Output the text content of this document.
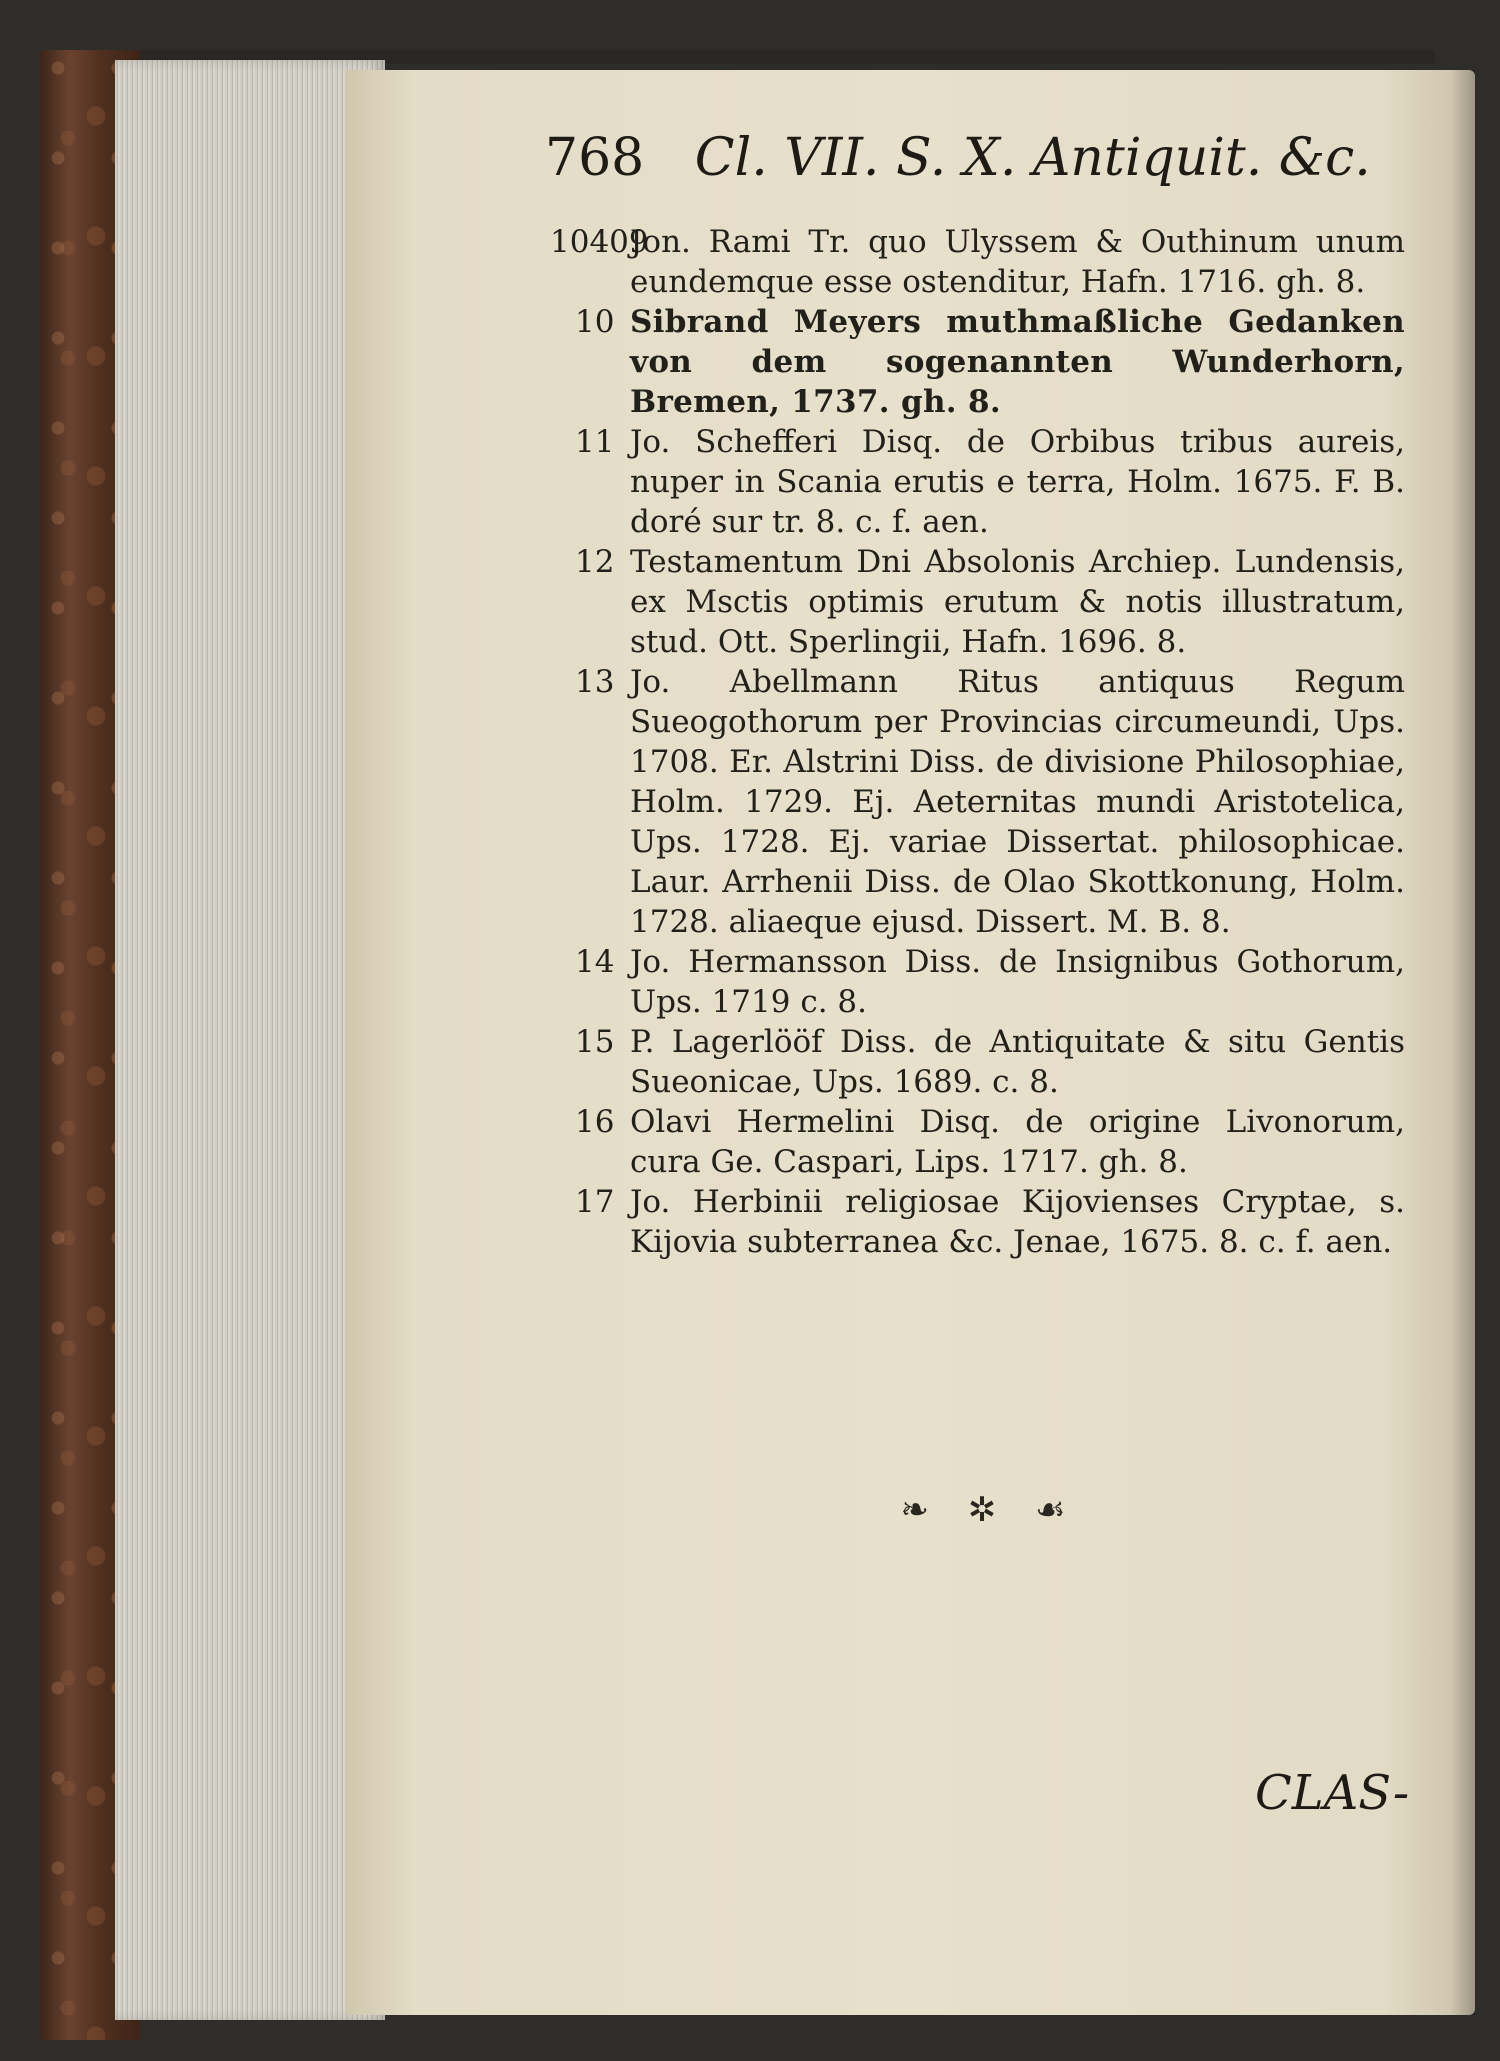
768 Cl. VII. S. X. Antiquit. &c.

10409Jon. Rami Tr. quo Ulyssem & Outhinum unum eundemque esse ostenditur, Hafn. 1716. gh. 8.

10 Sibrand Meyers muthmaßliche Gedanken von dem sogenannten Wunderhorn, Bremen, 1737. gh. 8.

11 Jo. Schefferi Disq. de Orbibus tribus aureis, nuper in Scania erutis e terra, Holm. 1675. F. B. doré sur tr. 8. c. f. aen.

12 Testamentum Dni Absolonis Archiep. Lundensis, ex Msctis optimis erutum & notis illustratum, stud. Ott. Sperlingii, Hafn. 1696. 8.

13 Jo. Abellmann Ritus antiquus Regum Sueogothorum per Provincias circumeundi, Ups. 1708. Er. Alstrini Diss. de divisione Philosophiae, Holm. 1729. Ej. Aeternitas mundi Aristotelica, Ups. 1728. Ej. variae Dissertat. philosophicae. Laur. Arrhenii Diss. de Olao Skottkonung, Holm. 1728. aliaeque ejusd. Dissert. M. B. 8.

14 Jo. Hermansson Diss. de Insignibus Gothorum, Ups. 1719 c. 8.

15 P. Lagerlööf Diss. de Antiquitate & situ Gentis Sueonicae, Ups. 1689. c. 8.

16 Olavi Hermelini Disq. de origine Livonorum, cura Ge. Caspari, Lips. 1717. gh. 8.

17 Jo. Herbinii religiosae Kijovienses Cryptae, s. Kijovia subterranea &c. Jenae, 1675. 8. c. f. aen.

❧ ✲ ☙
CLAS-
